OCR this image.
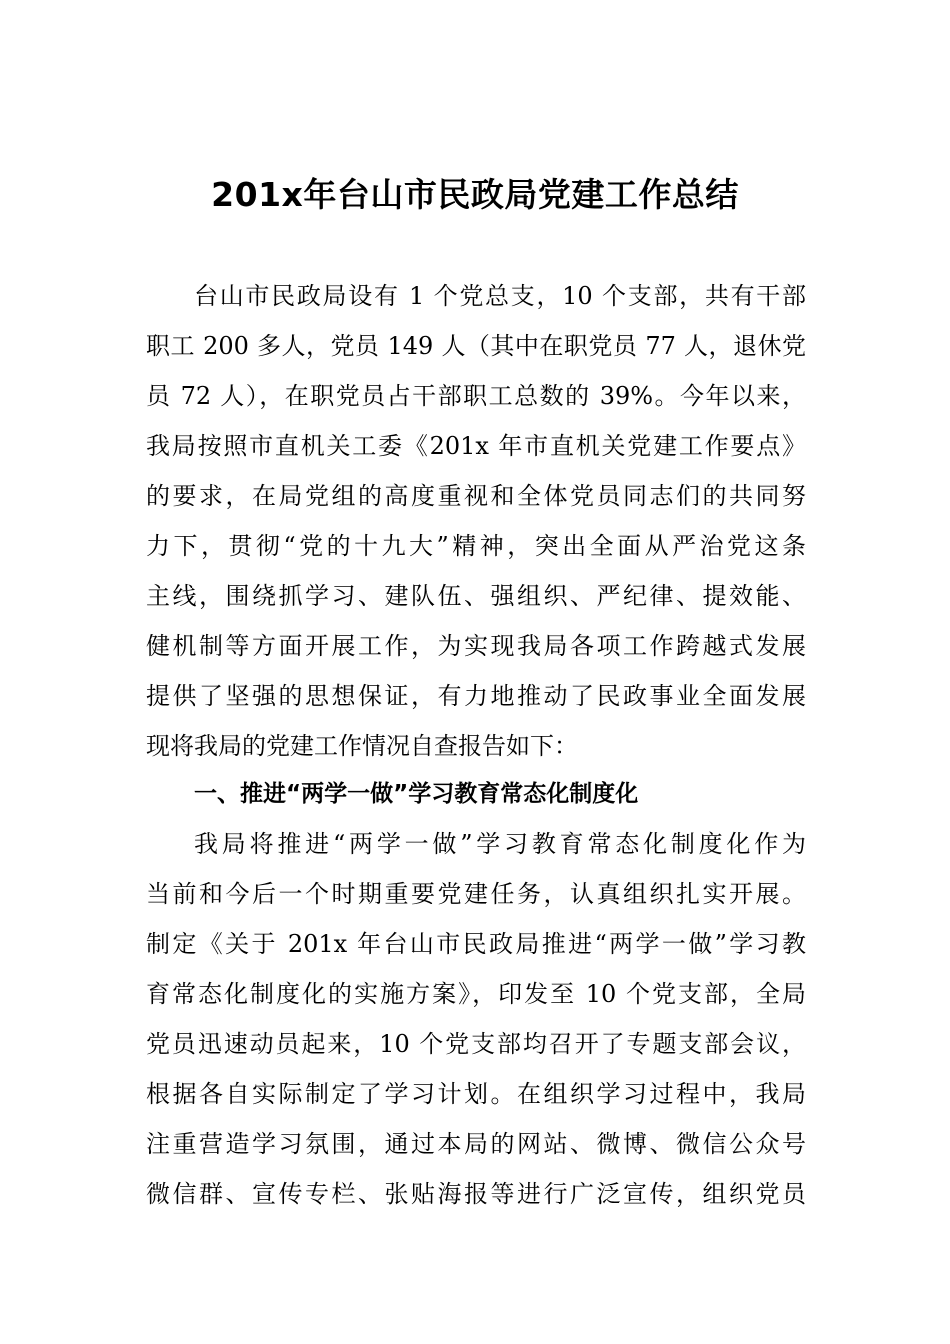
201x年台山市民政局党建工作总结
台山市民政局设有 1 个党总支，10 个支部，共有干部
职工 200 多人，党员 149 人（其中在职党员 77 人，退休党
员 72 人），在职党员占干部职工总数的 39%。今年以来，
我局按照市直机关工委《201x 年市直机关党建工作要点》
的要求，在局党组的高度重视和全体党员同志们的共同努
力下，贯彻“党的十九大”精神，突出全面从严治党这条
主线，围绕抓学习、建队伍、强组织、严纪律、提效能、
健机制等方面开展工作，为实现我局各项工作跨越式发展
提供了坚强的思想保证，有力地推动了民政事业全面发展
现将我局的党建工作情况自查报告如下：
一、推进“两学一做”学习教育常态化制度化
我局将推进“两学一做”学习教育常态化制度化作为
当前和今后一个时期重要党建任务，认真组织扎实开展。
制定《关于 201x 年台山市民政局推进“两学一做”学习教
育常态化制度化的实施方案》，印发至 10 个党支部，全局
党员迅速动员起来，10 个党支部均召开了专题支部会议，
根据各自实际制定了学习计划。在组织学习过程中，我局
注重营造学习氛围，通过本局的网站、微博、微信公众号
微信群、宣传专栏、张贴海报等进行广泛宣传，组织党员
